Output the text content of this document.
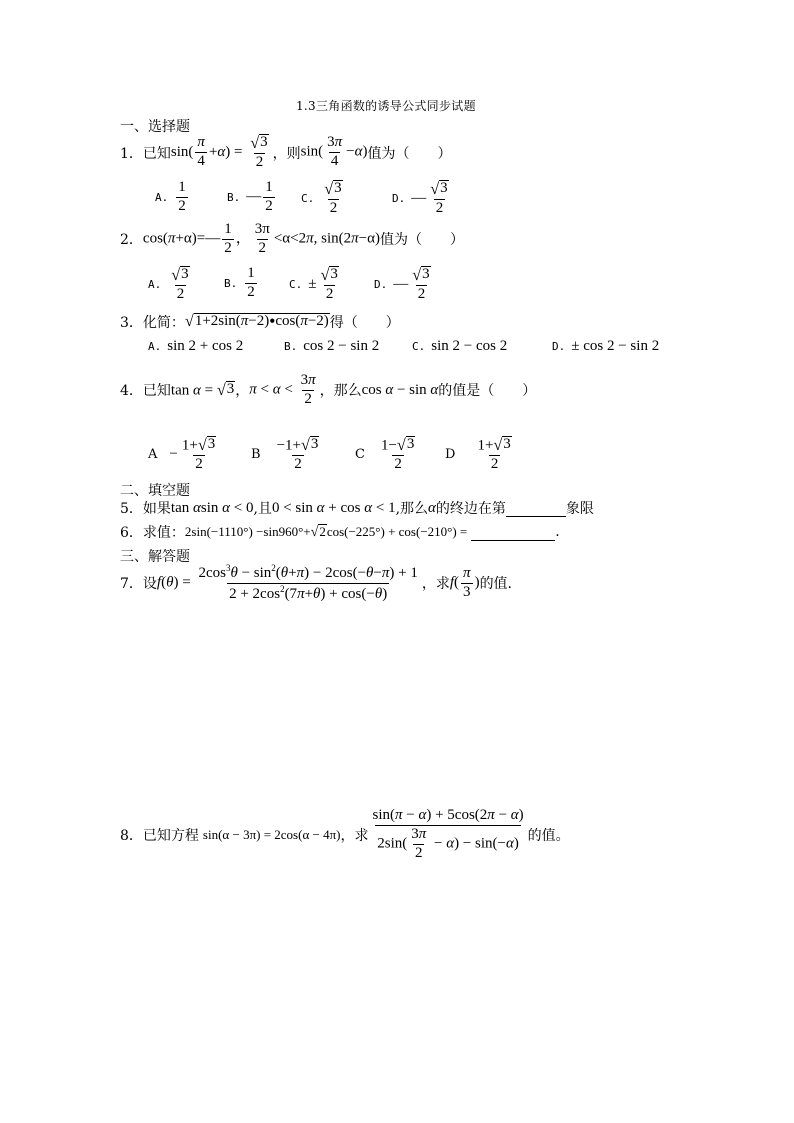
1.3三角函数的诱导公式同步试题
一、选择题
1． 已知 $\sin( \frac{\pi}{4} +\alpha) = \frac{√ 3}{2}$ ，则 $\sin( \frac{3\pi}{4} -\alpha)$ 值为（　　）
A. $\frac{1}{2}$	B. — $\frac{1}{2} C$. $\frac{√ 3}{2}$	D. — $\frac{√ 3}{2}$
2． cos(π+α)=— $\frac{1}{2}$ ， $\frac{3\pi}{2} <\alpha<2\pi$, sin(2π−α) 值为（　　）
A. $\frac{√ 3}{2}$	B. $\frac{1}{2}$	C. ± $\frac{√ 3}{2}$	D. — $\frac{√ 3}{2}$
3． 化简： √ 1+2sin(π−2)●cos(π−2) 得（　　）
A. sin 2 + cos 2	B. cos 2 − sin 2	C. sin 2 − cos 2	D. ± cos 2 − sin 2
4． 已知 tan α = √ 3 ， $\pi < \alpha < \frac{3\pi}{2}$ ，那么 cos α − sin α 的值是（　　）
$A - \frac{1+ √ 3}{2}$	B $\frac{-1+ √ 3}{2}$	C $\frac{1- √ 3}{2}$ D $\frac{1+ √ 3}{2}$
二、填空题
5． 如果 tan αsin α < 0 ,且 0 < sin α + cos α < 1 ,那么 α 的终边在第
	象限
6． 求值： 2sin(−1110°) −sin960°+ √ 2 cos(−225°) + cos(−210°) =
	.
三、解答题
7． 设 $f(\theta) = \frac{2\cos^3\theta - \sin^2(\theta+\pi) - 2\cos(-\theta-\pi) + 1}{2 + 2\cos^2(7\pi+\theta) + \cos(-\theta)}$ ，求 $f( \frac{\pi}{3}$ ) 的值.
8． 已知方程 sin(α − 3π) = 2cos(α − 4π) ，求 $\frac{\sin(\pi - \alpha) + 5\cos(2\pi - \alpha)}{2\sin( \frac{3\pi}{2} - \alpha) - \sin(-\alpha)}$ 的值。
